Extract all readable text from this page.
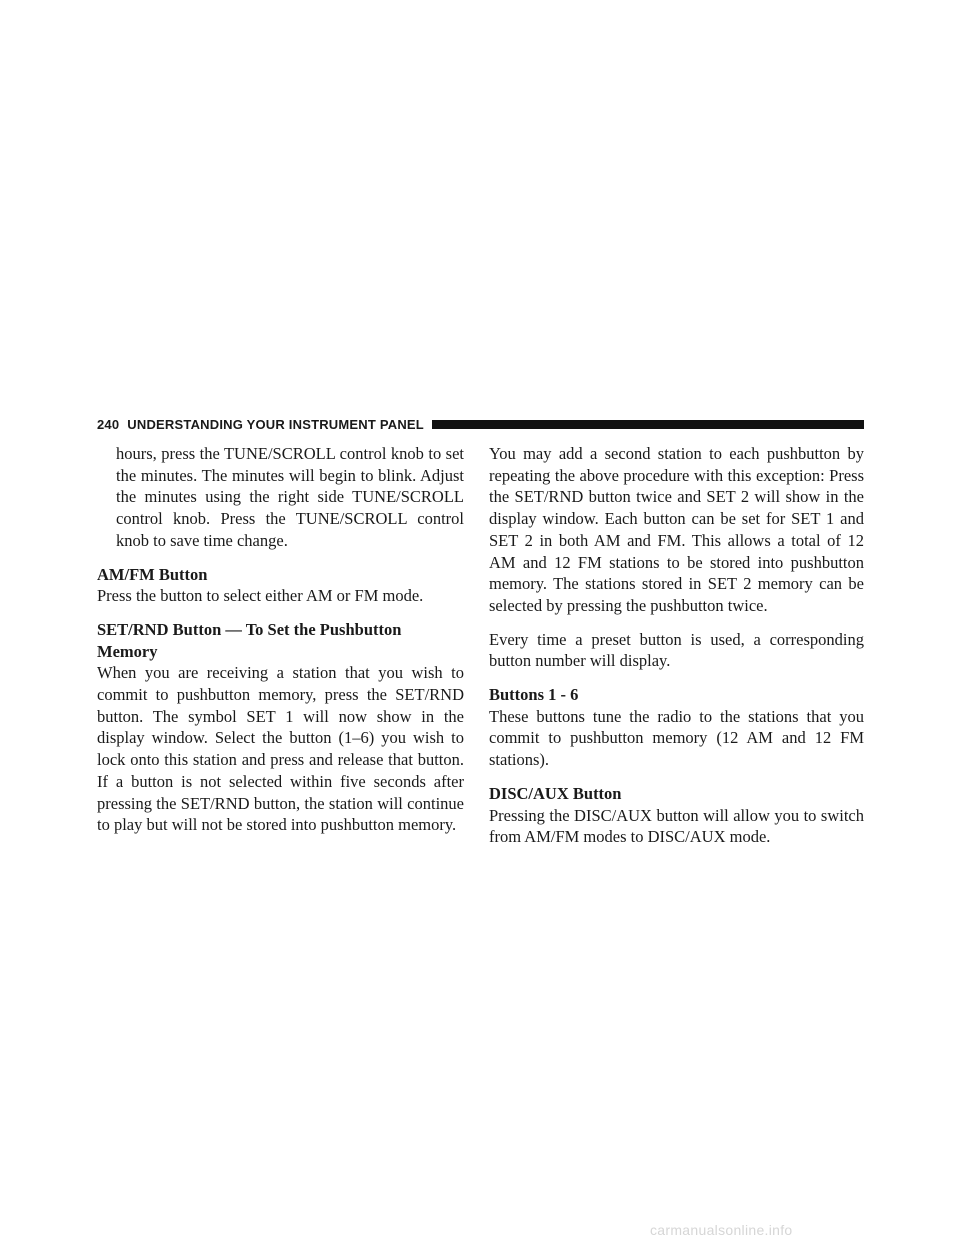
240 UNDERSTANDING YOUR INSTRUMENT PANEL

hours, press the TUNE/SCROLL control knob to set the minutes. The minutes will begin to blink. Adjust the minutes using the right side TUNE/SCROLL control knob. Press the TUNE/SCROLL control knob to save time change.

AM/FM Button

Press the button to select either AM or FM mode.

SET/RND Button — To Set the Pushbutton
Memory

When you are receiving a station that you wish to commit to pushbutton memory, press the SET/RND button. The symbol SET 1 will now show in the display window. Select the button (1–6) you wish to lock onto this station and press and release that button. If a button is not selected within five seconds after pressing the SET/RND button, the station will continue to play but will not be stored into pushbutton memory.

You may add a second station to each pushbutton by repeating the above procedure with this exception: Press the SET/RND button twice and SET 2 will show in the display window. Each button can be set for SET 1 and SET 2 in both AM and FM. This allows a total of 12 AM and 12 FM stations to be stored into pushbutton memory. The stations stored in SET 2 memory can be selected by pressing the pushbutton twice.

Every time a preset button is used, a corresponding button number will display.

Buttons 1 - 6

These buttons tune the radio to the stations that you commit to pushbutton memory (12 AM and 12 FM stations).

DISC/AUX Button

Pressing the DISC/AUX button will allow you to switch from AM/FM modes to DISC/AUX mode.

carmanualsonline.info
